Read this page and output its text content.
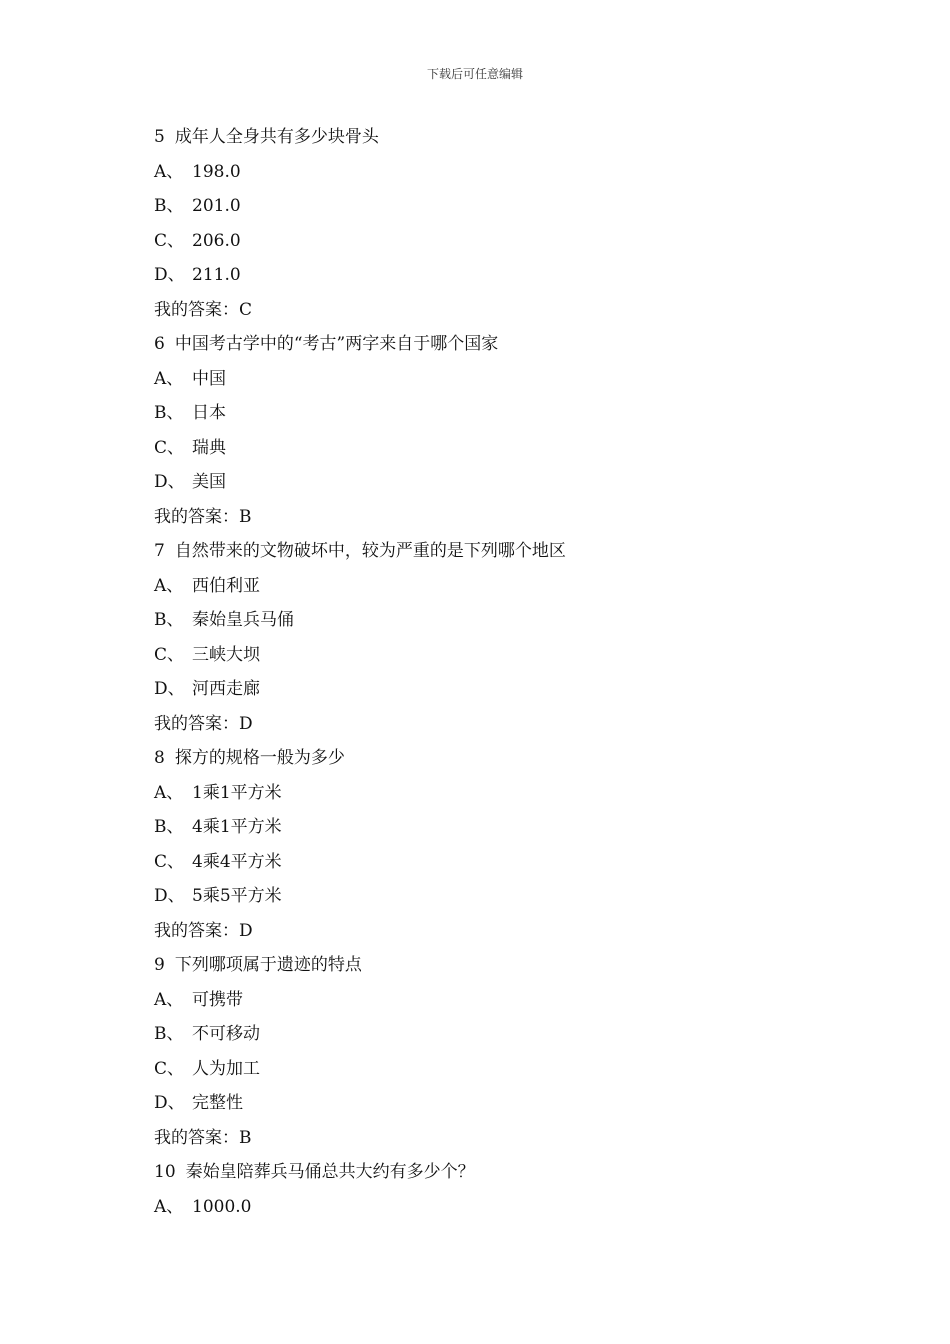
下载后可任意编辑
5 成年人全身共有多少块骨头
A、 198.0
B、 201.0
C、 206.0
D、 211.0
我的答案：C
6 中国考古学中的“考古”两字来自于哪个国家
A、 中国
B、 日本
C、 瑞典
D、 美国
我的答案：B
7 自然带来的文物破坏中，较为严重的是下列哪个地区
A、 西伯利亚
B、 秦始皇兵马俑
C、 三峡大坝
D、 河西走廊
我的答案：D
8 探方的规格一般为多少
A、 1乘1平方米
B、 4乘1平方米
C、 4乘4平方米
D、 5乘5平方米
我的答案：D
9 下列哪项属于遗迹的特点
A、 可携带
B、 不可移动
C、 人为加工
D、 完整性
我的答案：B
10 秦始皇陪葬兵马俑总共大约有多少个？
A、 1000.0
